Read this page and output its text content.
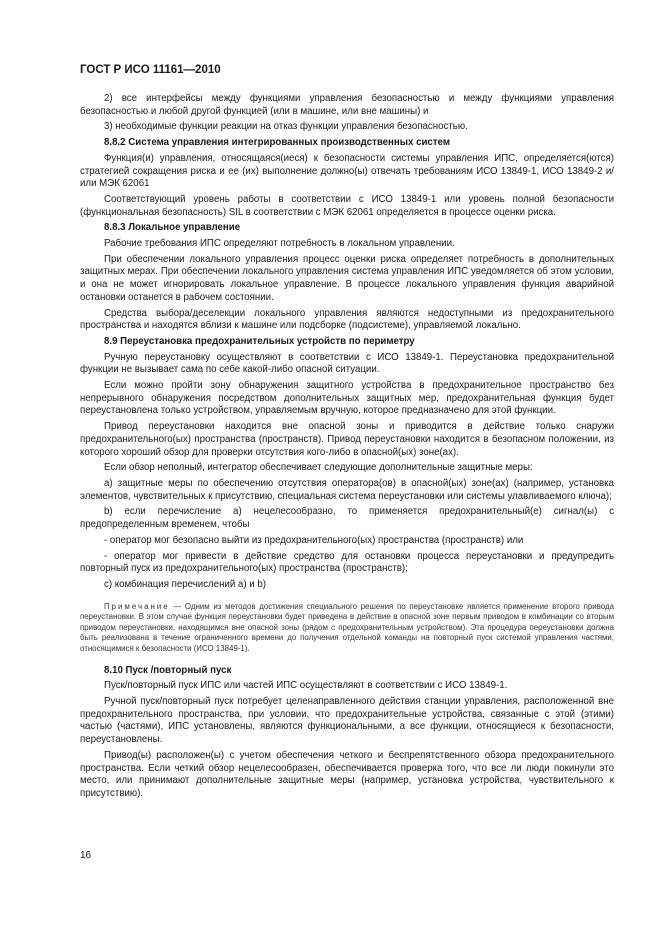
ГОСТ Р ИСО 11161—2010

2) все интерфейсы между функциями управления безопасностью и между функциями управления безопасностью и любой другой функцией (или в машине, или вне машины) и

3) необходимые функции реакции на отказ функции управления безопасностью.

8.8.2 Система управления интегрированных производственных систем

Функция(и) управления, относящаяся(иеся) к безопасности системы управления ИПС, определяется(ются) стратегией сокращения риска и ее (их) выполнение должно(ы) отвечать требованиям ИСО 13849-1, ИСО 13849-2 и/или МЭК 62061

Соответствующий уровень работы в соответствии с ИСО 13849-1 или уровень полной безопасности (функциональная безопасность) SIL в соответствии с МЭК 62061 определяется в процессе оценки риска.

8.8.3 Локальное управление

Рабочие требования ИПС определяют потребность в локальном управлении.

При обеспечении локального управления процесс оценки риска определяет потребность в дополнительных защитных мерах. При обеспечении локального управления система управления ИПС уведомляется об этом условии, и она не может игнорировать локальное управление. В процессе локального управления функция аварийной остановки останется в рабочем состоянии.

Средства выбора/деселекции локального управления являются недоступными из предохранительного пространства и находятся вблизи к машине или подсборке (подсистеме), управляемой локально.

8.9 Переустановка предохранительных устройств по периметру

Ручную переустановку осуществляют в соответствии с ИСО 13849-1. Переустановка предохранительной функции не вызывает сама по себе какой-либо опасной ситуации.

Если можно пройти зону обнаружения защитного устройства в предохранительное пространство без непрерывного обнаружения посредством дополнительных защитных мер, предохранительная функция будет переустановлена только устройством, управляемым вручную, которое предназначено для этой функции.

Привод переустановки находится вне опасной зоны и приводится в действие только снаружи предохранительного(ых) пространства (пространств). Привод переустановки находится в безопасном положении, из которого хороший обзор для проверки отсутствия кого-либо в опасной(ых) зоне(ах).

Если обзор неполный, интегратор обеспечивает следующие дополнительные защитные меры:

a) защитные меры по обеспечению отсутствия оператора(ов) в опасной(ых) зоне(ах) (например, установка элементов, чувствительных к присутствию, специальная система переустановки или системы улавливаемого ключа);

b) если перечисление a) нецелесообразно, то применяется предохранительный(е) сигнал(ы) с предопределенным временем, чтобы

- оператор мог безопасно выйти из предохранительного(ых) пространства (пространств) или

- оператор мог привести в действие средство для остановки процесса переустановки и предупредить повторный пуск из предохранительного(ых) пространства (пространств);

c) комбинация перечислений a) и b)

Примечание — Одним из методов достижения специального решения по переустановке является применение второго привода переустановки. В этом случае функция переустановки будет приведена в действие в опасной зоне первым приводом в комбинации со вторым приводом переустановки, находящимся вне опасной зоны (рядом с предохранительным устройством). Эта процедура переустановки должна быть реализована в течение ограниченного времени до получения отдельной команды на повторный пуск системой управления частями, относящимися к безопасности (ИСО 13849-1).

8.10 Пуск /повторный пуск

Пуск/повторный пуск ИПС или частей ИПС осуществляют в соответствии с ИСО 13849-1.

Ручной пуск/повторный пуск потребует целенаправленного действия станции управления, расположенной вне предохранительного пространства, при условии, что предохранительные устройства, связанные с этой (этими) частью (частями), ИПС установлены, являются функциональными, а все функции, относящиеся к безопасности, переустановлены.

Привод(ы) расположен(ы) с учетом обеспечения четкого и беспрепятственного обзора предохранительного пространства. Если четкий обзор нецелесообразен, обеспечивается проверка того, что все ли люди покинули это место, или принимают дополнительные защитные меры (например, установка устройства, чувствительного к присутствию).

16
